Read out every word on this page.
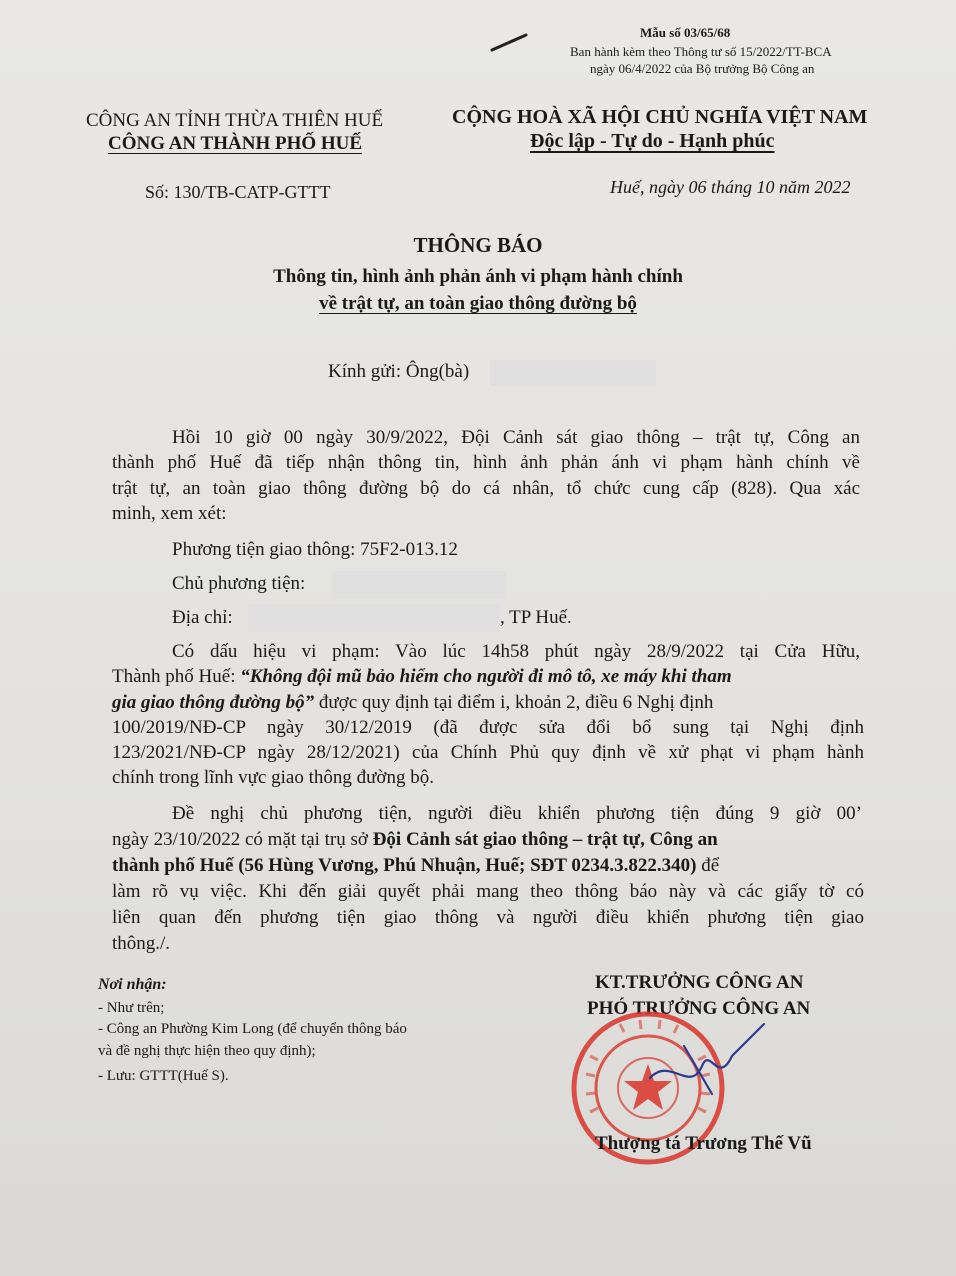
Mẫu số 03/65/68
Ban hành kèm theo Thông tư số 15/2022/TT-BCA
ngày 06/4/2022 của Bộ trưởng Bộ Công an
CÔNG AN TỈNH THỪA THIÊN HUẾ
CÔNG AN THÀNH PHỐ HUẾ
CỘNG HOÀ XÃ HỘI CHỦ NGHĨA VIỆT NAM
Độc lập - Tự do - Hạnh phúc
Số: 130/TB-CATP-GTTT	Huế, ngày 06 tháng 10 năm 2022
THÔNG BÁO
Thông tin, hình ảnh phản ánh vi phạm hành chính
về trật tự, an toàn giao thông đường bộ
Kính gửi: Ông(bà)
Hồi 10 giờ 00 ngày 30/9/2022, Đội Cảnh sát giao thông – trật tự, Công an
thành phố Huế đã tiếp nhận thông tin, hình ảnh phản ánh vi phạm hành chính về
trật tự, an toàn giao thông đường bộ do cá nhân, tổ chức cung cấp (828). Qua xác
minh, xem xét:
Phương tiện giao thông: 75F2-013.12
Chủ phương tiện:
Địa chỉ:	, TP Huế.
Có dấu hiệu vi phạm: Vào lúc 14h58 phút ngày 28/9/2022 tại Cửa Hữu,
Thành phố Huế: “Không đội mũ bảo hiểm cho người đi mô tô, xe máy khi tham
gia giao thông đường bộ” được quy định tại điểm i, khoản 2, điều 6 Nghị định
100/2019/NĐ-CP ngày 30/12/2019 (đã được sửa đổi bổ sung tại Nghị định
123/2021/NĐ-CP ngày 28/12/2021) của Chính Phủ quy định về xử phạt vi phạm hành
chính trong lĩnh vực giao thông đường bộ.
Đề nghị chủ phương tiện, người điều khiển phương tiện đúng 9 giờ 00’
ngày 23/10/2022 có mặt tại trụ sở Đội Cảnh sát giao thông – trật tự, Công an
thành phố Huế (56 Hùng Vương, Phú Nhuận, Huế; SĐT 0234.3.822.340) để
làm rõ vụ việc. Khi đến giải quyết phải mang theo thông báo này và các giấy tờ có
liên quan đến phương tiện giao thông và người điều khiển phương tiện giao
thông./.
Nơi nhận:
- Như trên;
- Công an Phường Kim Long (để chuyển thông báo
và đề nghị thực hiện theo quy định);
- Lưu: GTTT(Huế S).
KT.TRƯỞNG CÔNG AN
PHÓ TRƯỞNG CÔNG AN
Thượng tá Trương Thế Vũ
